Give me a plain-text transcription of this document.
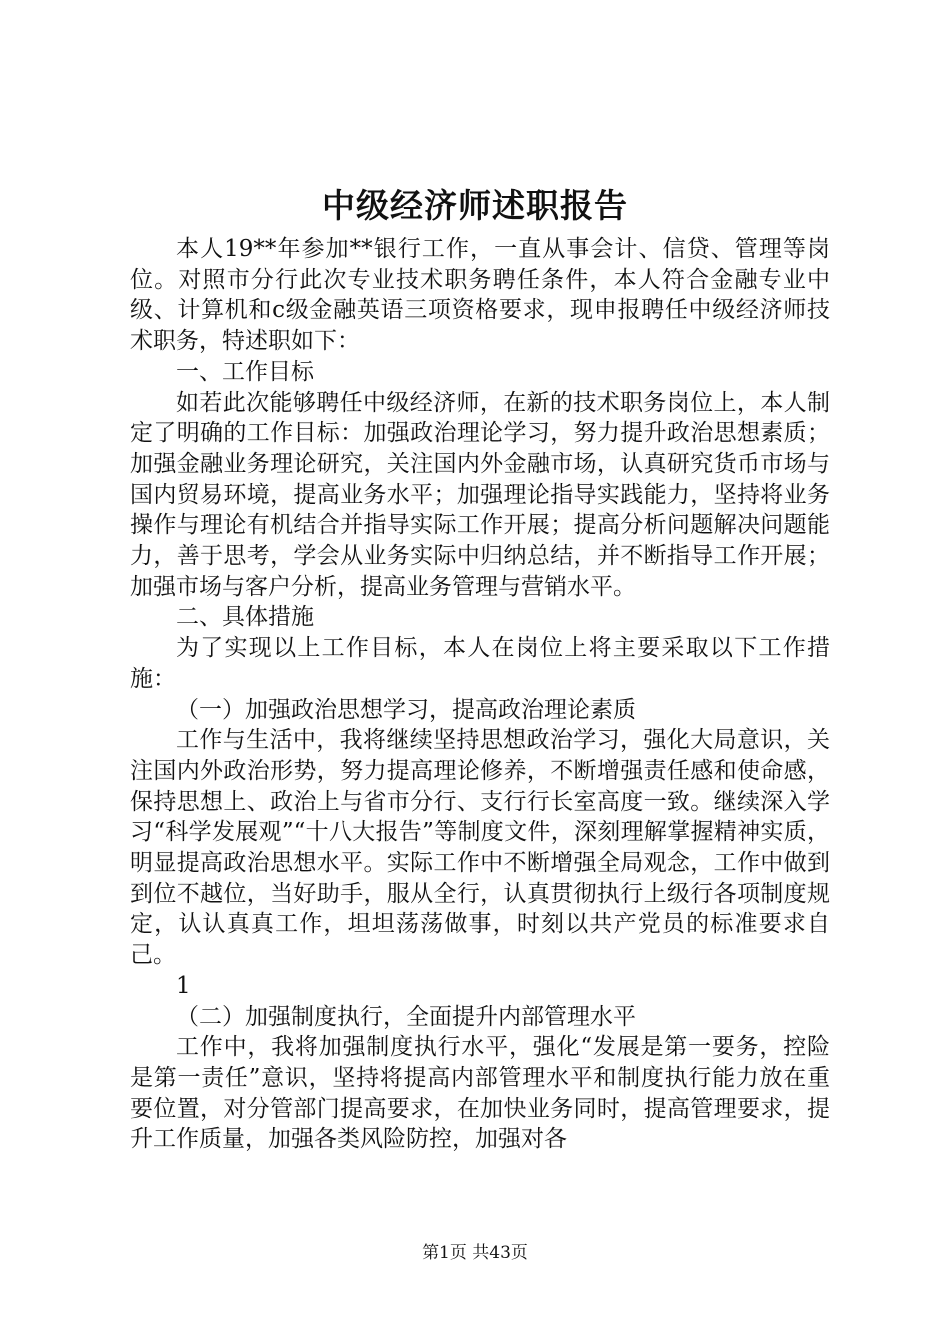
中级经济师述职报告

本人19**年参加**银行工作，一直从事会计、信贷、管理等岗位。对照市分行此次专业技术职务聘任条件，本人符合金融专业中级、计算机和c级金融英语三项资格要求，现申报聘任中级经济师技术职务，特述职如下：

一、工作目标

如若此次能够聘任中级经济师，在新的技术职务岗位上，本人制定了明确的工作目标：加强政治理论学习，努力提升政治思想素质；加强金融业务理论研究，关注国内外金融市场，认真研究货币市场与国内贸易环境，提高业务水平；加强理论指导实践能力，坚持将业务操作与理论有机结合并指导实际工作开展；提高分析问题解决问题能力，善于思考，学会从业务实际中归纳总结，并不断指导工作开展；加强市场与客户分析，提高业务管理与营销水平。

二、具体措施

为了实现以上工作目标，本人在岗位上将主要采取以下工作措施：

（一）加强政治思想学习，提高政治理论素质

工作与生活中，我将继续坚持思想政治学习，强化大局意识，关注国内外政治形势，努力提高理论修养，不断增强责任感和使命感，保持思想上、政治上与省市分行、支行行长室高度一致。继续深入学习“科学发展观”“十八大报告”等制度文件，深刻理解掌握精神实质，明显提高政治思想水平。实际工作中不断增强全局观念，工作中做到到位不越位，当好助手，服从全行，认真贯彻执行上级行各项制度规定，认认真真工作，坦坦荡荡做事，时刻以共产党员的标准要求自己。

1

（二）加强制度执行，全面提升内部管理水平

工作中，我将加强制度执行水平，强化“发展是第一要务，控险是第一责任”意识，坚持将提高内部管理水平和制度执行能力放在重要位置，对分管部门提高要求，在加快业务同时，提高管理要求，提升工作质量，加强各类风险防控，加强对各

第1页 共43页
